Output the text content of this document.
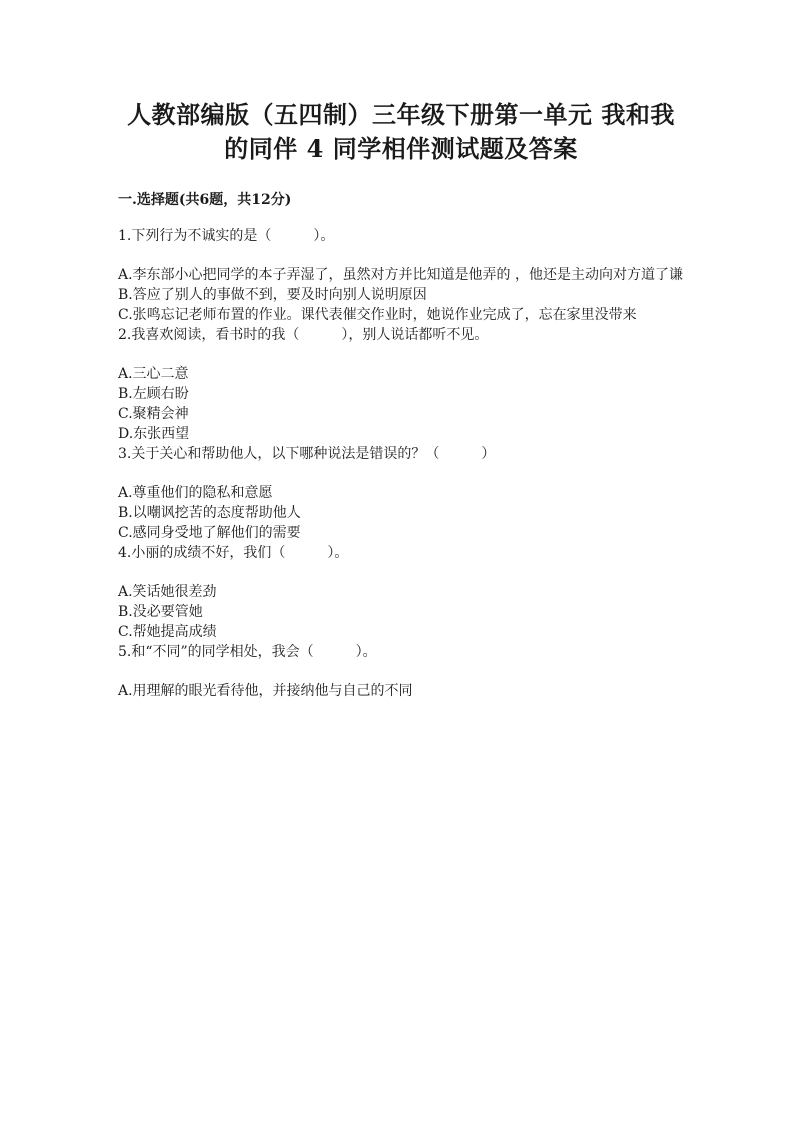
人教部编版（五四制）三年级下册第一单元 我和我
的同伴 4 同学相伴测试题及答案
一.选择题(共6题，共12分)

1.下列行为不诚实的是（　　　）。

A.李东部小心把同学的本子弄湿了，虽然对方并比知道是他弄的 ，他还是主动向对方道了谦

B.答应了别人的事做不到，要及时向别人说明原因

C.张鸣忘记老师布置的作业。课代表催交作业时，她说作业完成了，忘在家里没带来

2.我喜欢阅读，看书时的我（　　　），别人说话都听不见。

A.三心二意

B.左顾右盼

C.聚精会神

D.东张西望

3.关于关心和帮助他人，以下哪种说法是错误的？（　　　）

A.尊重他们的隐私和意愿

B.以嘲讽挖苦的态度帮助他人

C.感同身受地了解他们的需要

4.小丽的成绩不好，我们（　　　）。

A.笑话她很差劲

B.没必要管她

C.帮她提高成绩

5.和“不同”的同学相处，我会（　　　）。

A.用理解的眼光看待他，并接纳他与自己的不同
